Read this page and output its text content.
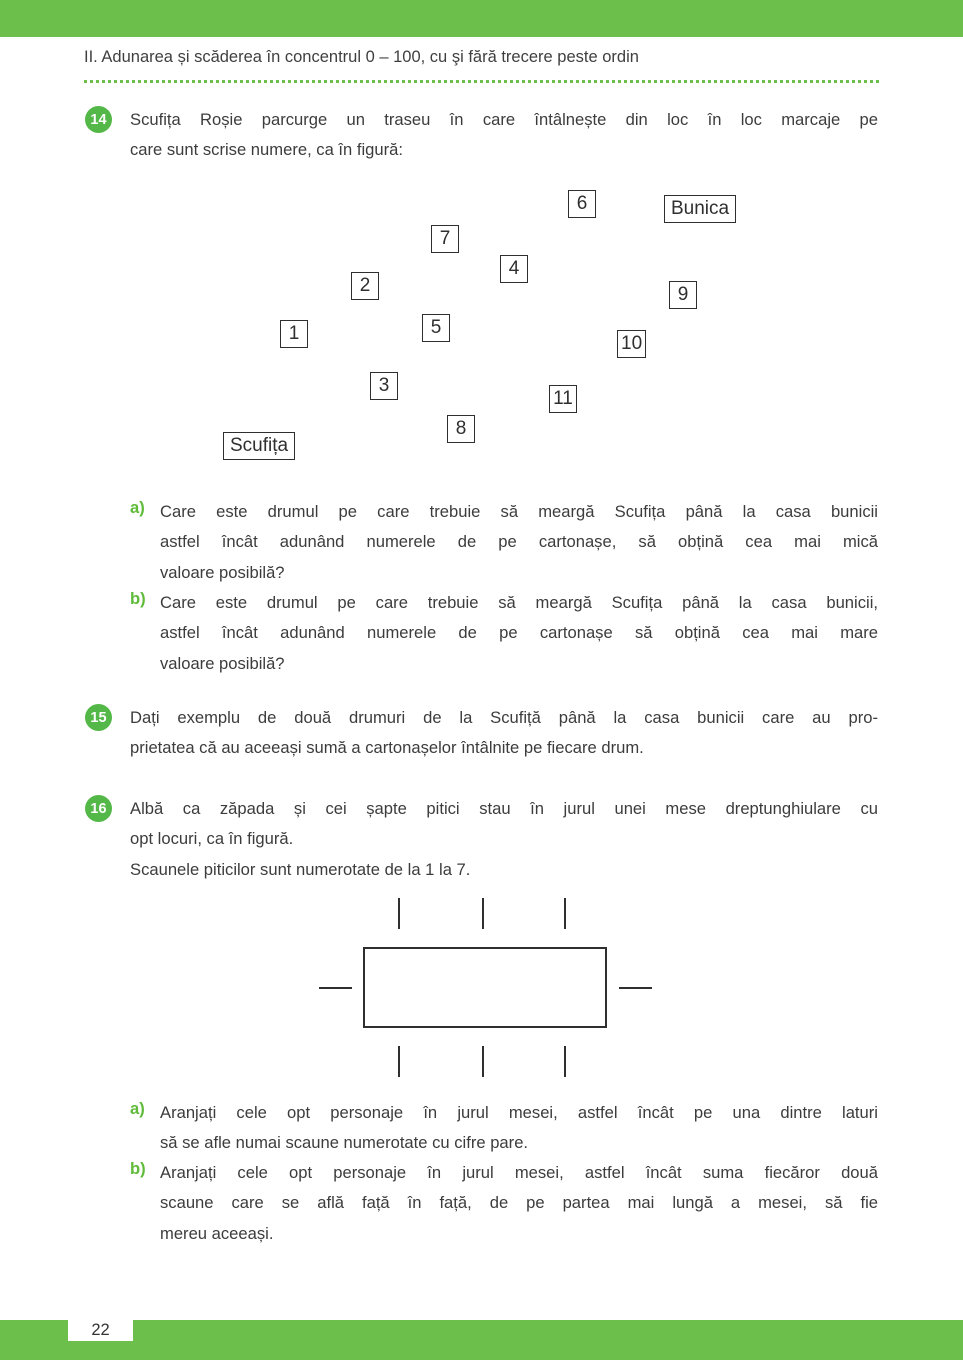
II. Adunarea și scăderea în concentrul 0 – 100, cu şi fără trecere peste ordin
14	Scufița Roșie parcurge un traseu în care întâlnește din loc în loc marcaje pe
care sunt scrise numere, ca în figură:
6	Bunica
7
4
2	9
5
1	10
3
11
8
Scufița
a) Care este drumul pe care trebuie să meargă Scufița până la casa bunicii
astfel încât adunând numerele de pe cartonașe, să obțină cea mai mică
valoare posibilă?
b) Care este drumul pe care trebuie să meargă Scufița până la casa bunicii,
astfel încât adunând numerele de pe cartonașe să obțină cea mai mare
valoare posibilă?
15	Dați exemplu de două drumuri de la Scufiță până la casa bunicii care au pro-
prietatea că au aceeași sumă a cartonașelor întâlnite pe fiecare drum.
16	Albă ca zăpada și cei șapte pitici stau în jurul unei mese dreptunghiulare cu
opt locuri, ca în figură.
Scaunele piticilor sunt numerotate de la 1 la 7.
a) Aranjați cele opt personaje în jurul mesei, astfel încât pe una dintre laturi
să se afle numai scaune numerotate cu cifre pare.
b) Aranjați cele opt personaje în jurul mesei, astfel încât suma fiecăror două
scaune care se află față în față, de pe partea mai lungă a mesei, să fie
mereu aceeași.
22
